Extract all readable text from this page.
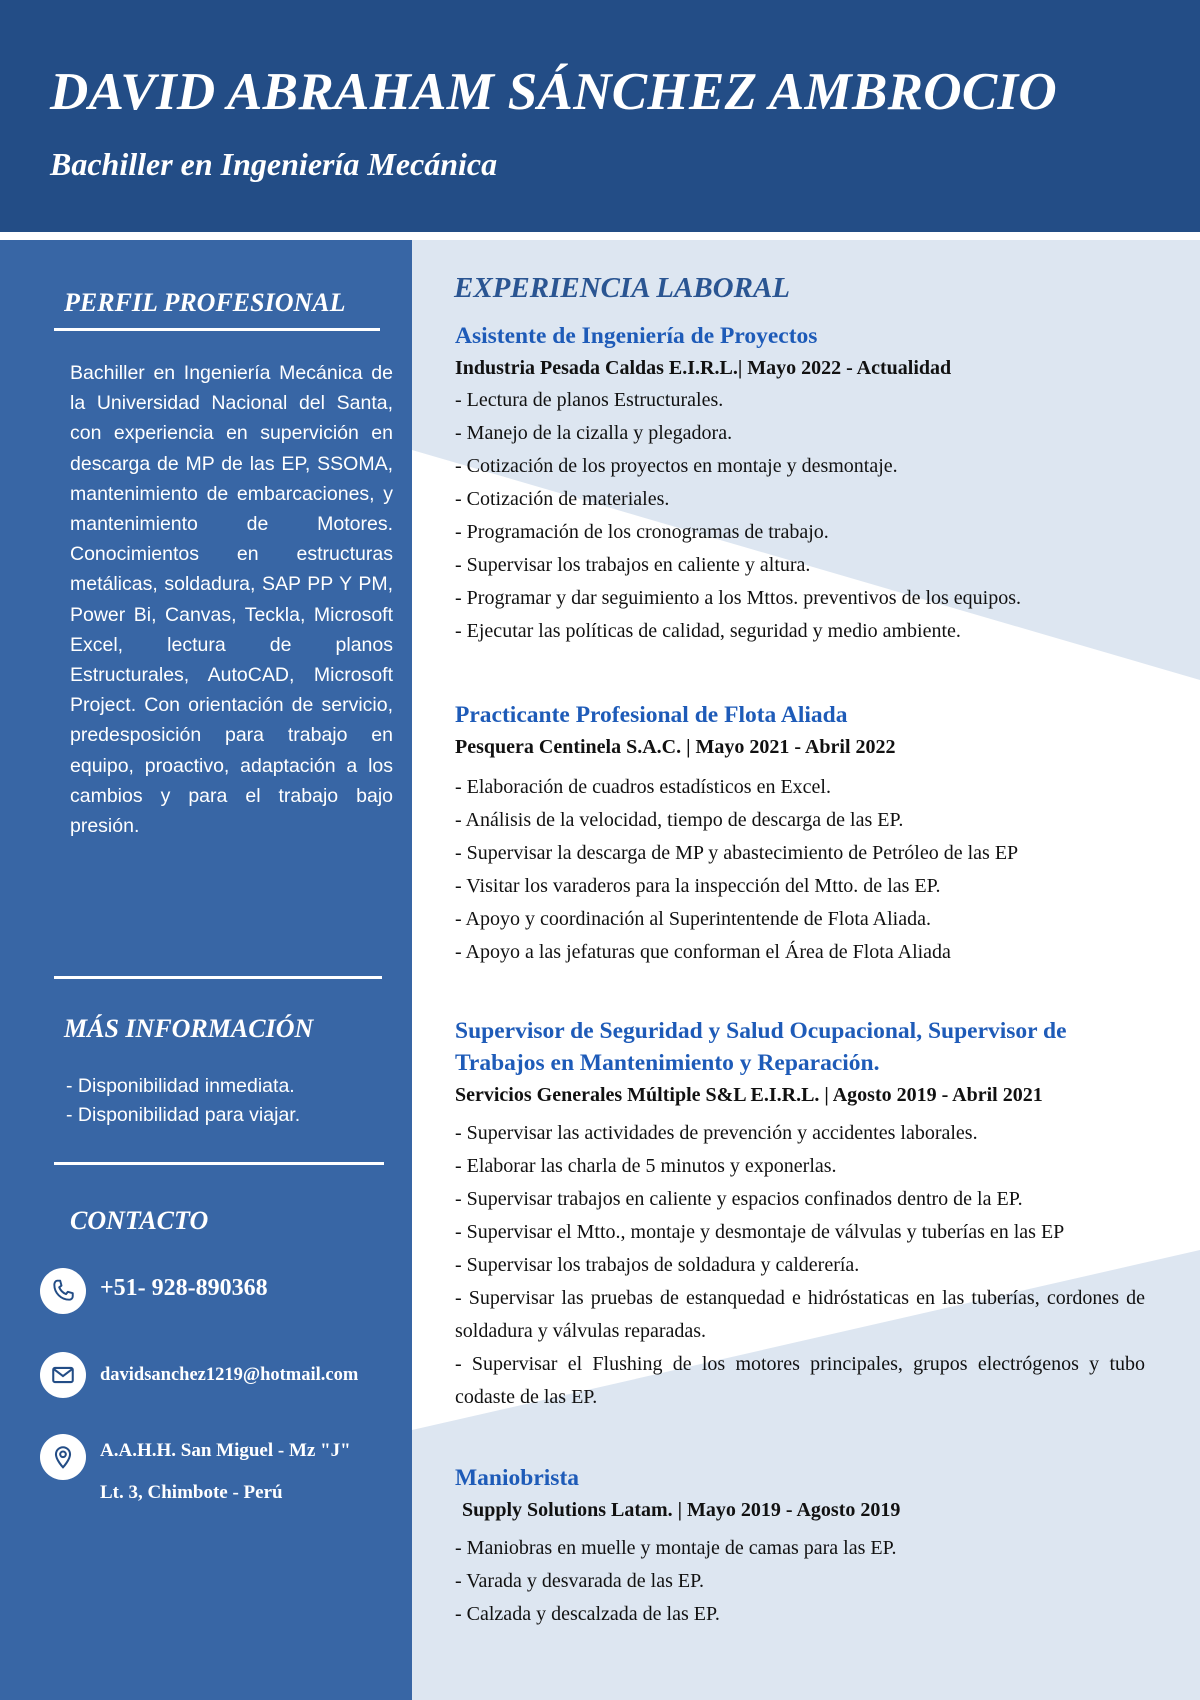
DAVID ABRAHAM SÁNCHEZ AMBROCIO
Bachiller en Ingeniería Mecánica
PERFIL PROFESIONAL

Bachiller en Ingeniería Mecánica de la Universidad Nacional del Santa, con experiencia en supervición en descarga de MP de las EP, SSOMA, mantenimiento de embarcaciones, y mantenimiento de Motores. Conocimientos en estructuras metálicas, soldadura, SAP PP Y PM, Power Bi, Canvas, Teckla, Microsoft Excel, lectura de planos Estructurales, AutoCAD, Microsoft Project. Con orientación de servicio, predesposición para trabajo en equipo, proactivo, adaptación a los cambios y para el trabajo bajo presión.

MÁS INFORMACIÓN
- Disponibilidad inmediata.
- Disponibilidad para viajar.
CONTACTO
+51- 928-890368
davidsanchez1219@hotmail.com
A.A.H.H. San Miguel - Mz "J"
Lt. 3, Chimbote - Perú
EXPERIENCIA LABORAL
Asistente de Ingeniería de Proyectos
Industria Pesada Caldas E.I.R.L.| Mayo 2022 - Actualidad
- Lectura de planos Estructurales.
- Manejo de la cizalla y plegadora.
- Cotización de los proyectos en montaje y desmontaje.
- Cotización de materiales.
- Programación de los cronogramas de trabajo.
- Supervisar los trabajos en caliente y altura.
- Programar y dar seguimiento a los Mttos. preventivos de los equipos.
- Ejecutar las políticas de calidad, seguridad y medio ambiente.
Practicante Profesional de Flota Aliada
Pesquera Centinela S.A.C. | Mayo 2021 - Abril 2022
- Elaboración de cuadros estadísticos en Excel.
- Análisis de la velocidad, tiempo de descarga de las EP.
- Supervisar la descarga de MP y abastecimiento de Petróleo de las EP
- Visitar los varaderos para la inspección del Mtto. de las EP.
- Apoyo y coordinación al Superintentende de Flota Aliada.
- Apoyo a las jefaturas que conforman el Área de Flota Aliada
Supervisor de Seguridad y Salud Ocupacional, Supervisor de Trabajos en Mantenimiento y Reparación.
Servicios Generales Múltiple S&L E.I.R.L. | Agosto 2019 - Abril 2021
- Supervisar las actividades de prevención y accidentes laborales.
- Elaborar las charla de 5 minutos y exponerlas.
- Supervisar trabajos en caliente y espacios confinados dentro de la EP.
- Supervisar el Mtto., montaje y desmontaje de válvulas y tuberías en las EP
- Supervisar los trabajos de soldadura y calderería.
- Supervisar las pruebas de estanquedad e hidróstaticas en las tuberías, cordones de soldadura y válvulas reparadas.
- Supervisar el Flushing de los motores principales, grupos electrógenos y tubo codaste de las EP.
Maniobrista
Supply Solutions Latam. | Mayo 2019 - Agosto 2019
- Maniobras en muelle y montaje de camas para las EP.
- Varada y desvarada de las EP.
- Calzada y descalzada de las EP.
